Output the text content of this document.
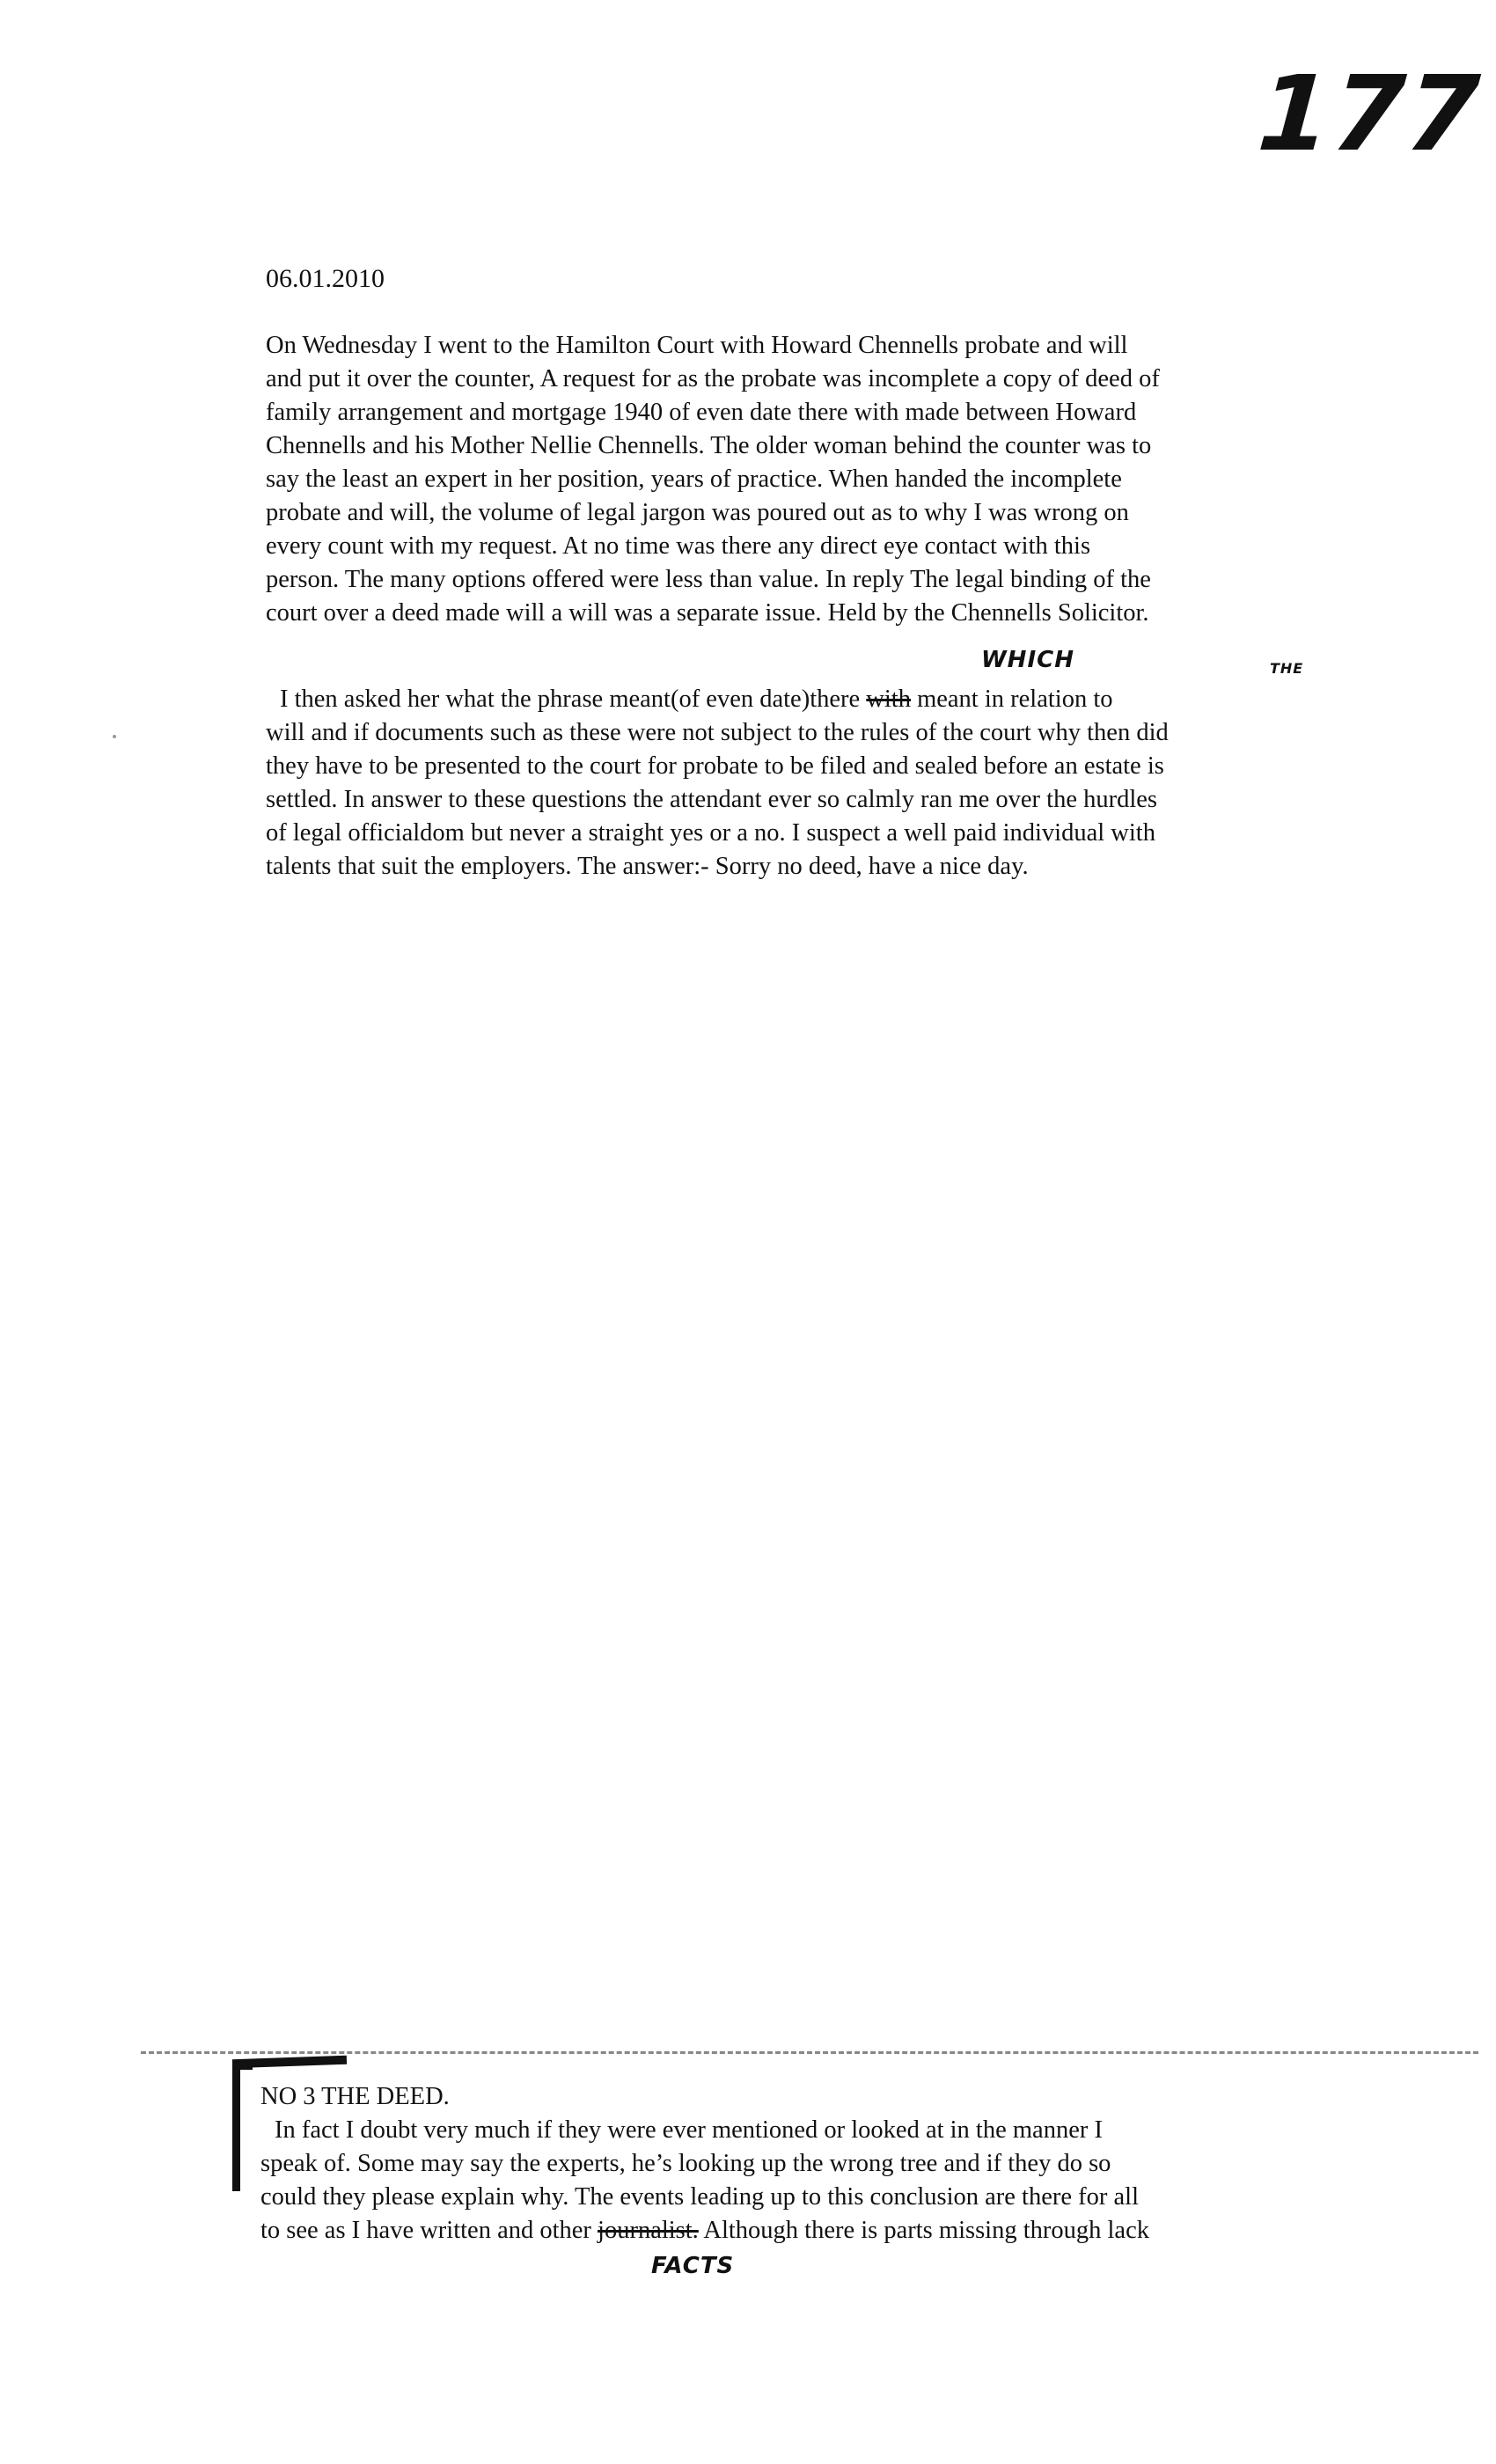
177
06.01.2010
On Wednesday I went to the Hamilton Court with Howard Chennells probate and will
and put it over the counter, A request for as the probate was incomplete a copy of deed of
family arrangement and mortgage 1940 of even date there with made between Howard
Chennells and his Mother Nellie Chennells. The older woman behind the counter was to
say the least an expert in her position, years of practice. When handed the incomplete
probate and will, the volume of legal jargon was poured out as to why I was wrong on
every count with my request. At no time was there any direct eye contact with this
person. The many options offered were less than value. In reply The legal binding of the
court over a deed made will a will was a separate issue. Held by the Chennells Solicitor.
WHICH	THE
I then asked her what the phrase meant(of even date)there with meant in relation to
will and if documents such as these were not subject to the rules of the court why then did
they have to be presented to the court for probate to be filed and sealed before an estate is
settled. In answer to these questions the attendant ever so calmly ran me over the hurdles
of legal officialdom but never a straight yes or a no. I suspect a well paid individual with
talents that suit the employers. The answer:- Sorry no deed, have a nice day.
NO 3 THE DEED.
In fact I doubt very much if they were ever mentioned or looked at in the manner I
speak of. Some may say the experts, he’s looking up the wrong tree and if they do so
could they please explain why. The events leading up to this conclusion are there for all
to see as I have written and other journalist. Although there is parts missing through lack
FACTS
